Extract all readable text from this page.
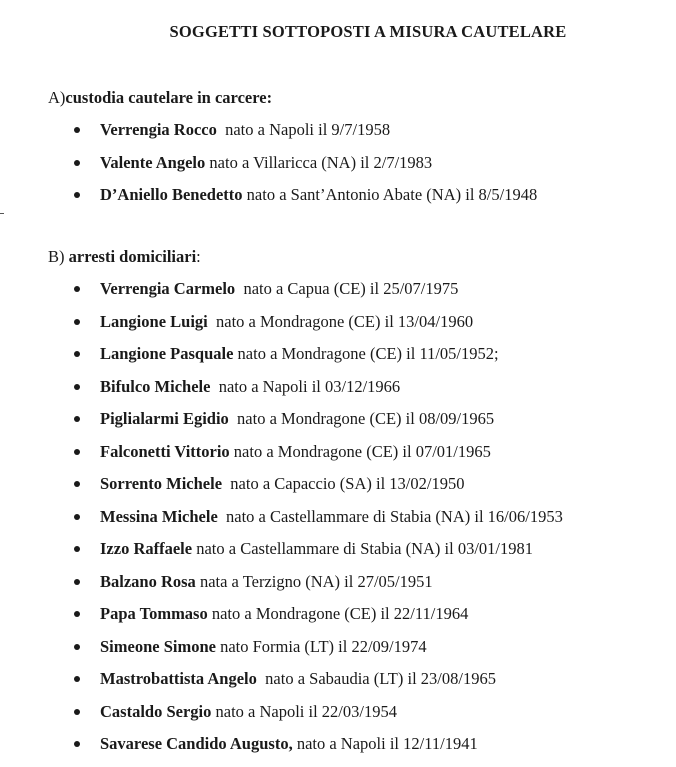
SOGGETTI SOTTOPOSTI A MISURA CAUTELARE
A)custodia cautelare in carcere:
Verrengia Rocco  nato a Napoli il 9/7/1958
Valente Angelo nato a Villaricca (NA) il 2/7/1983
D’Aniello Benedetto nato a Sant’Antonio Abate (NA) il 8/5/1948
B) arresti domiciliari:
Verrengia Carmelo  nato a Capua (CE) il 25/07/1975
Langione Luigi  nato a Mondragone (CE) il 13/04/1960
Langione Pasquale nato a Mondragone (CE) il 11/05/1952;
Bifulco Michele  nato a Napoli il 03/12/1966
Piglialarmi Egidio  nato a Mondragone (CE) il 08/09/1965
Falconetti Vittorio nato a Mondragone (CE) il 07/01/1965
Sorrento Michele  nato a Capaccio (SA) il 13/02/1950
Messina Michele  nato a Castellammare di Stabia (NA) il 16/06/1953
Izzo Raffaele nato a Castellammare di Stabia (NA) il 03/01/1981
Balzano Rosa nata a Terzigno (NA) il 27/05/1951
Papa Tommaso nato a Mondragone (CE) il 22/11/1964
Simeone Simone nato Formia (LT) il 22/09/1974
Mastrobattista Angelo  nato a Sabaudia (LT) il 23/08/1965
Castaldo Sergio nato a Napoli il 22/03/1954
Savarese Candido Augusto, nato a Napoli il 12/11/1941
